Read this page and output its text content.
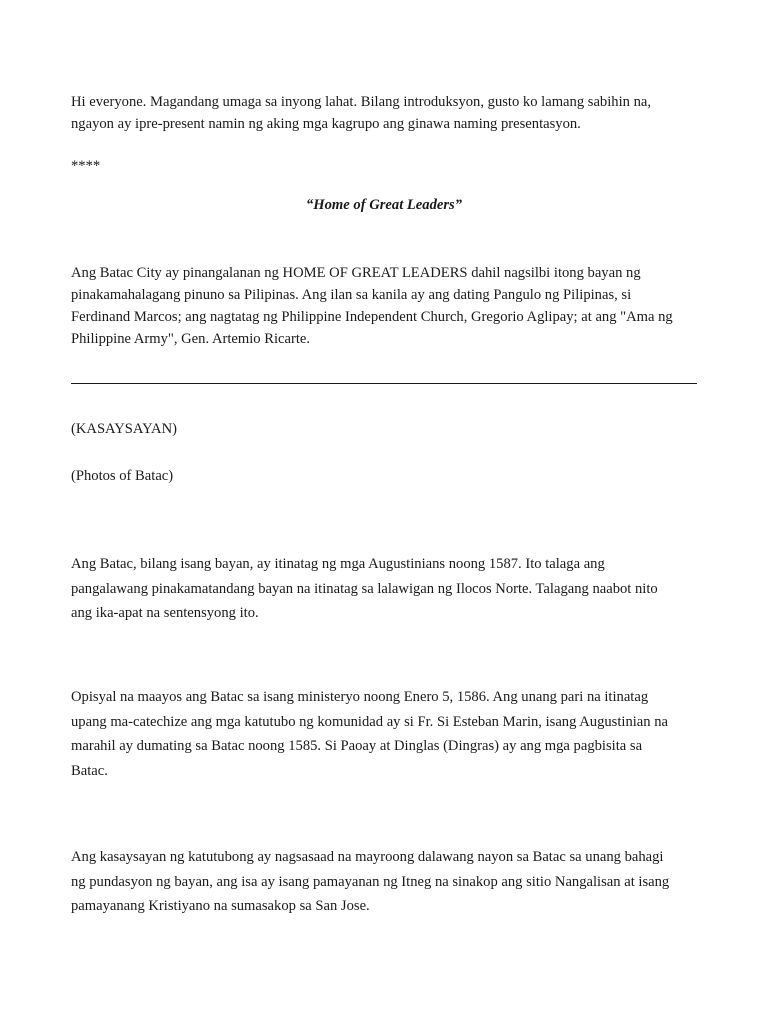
Hi everyone. Magandang umaga sa inyong lahat. Bilang introduksyon, gusto ko lamang sabihin na,
ngayon ay ipre-present namin ng aking mga kagrupo ang ginawa naming presentasyon.

****

“Home of Great Leaders”

Ang Batac City ay pinangalanan ng HOME OF GREAT LEADERS dahil nagsilbi itong bayan ng
pinakamahalagang pinuno sa Pilipinas. Ang ilan sa kanila ay ang dating Pangulo ng Pilipinas, si
Ferdinand Marcos; ang nagtatag ng Philippine Independent Church, Gregorio Aglipay; at ang "Ama ng
Philippine Army", Gen. Artemio Ricarte.

(KASAYSAYAN)

(Photos of Batac)

Ang Batac, bilang isang bayan, ay itinatag ng mga Augustinians noong 1587. Ito talaga ang
pangalawang pinakamatandang bayan na itinatag sa lalawigan ng Ilocos Norte. Talagang naabot nito
ang ika-apat na sentensyong ito.

Opisyal na maayos ang Batac sa isang ministeryo noong Enero 5, 1586. Ang unang pari na itinatag
upang ma-catechize ang mga katutubo ng komunidad ay si Fr. Si Esteban Marin, isang Augustinian na
marahil ay dumating sa Batac noong 1585. Si Paoay at Dinglas (Dingras) ay ang mga pagbisita sa
Batac.

Ang kasaysayan ng katutubong ay nagsasaad na mayroong dalawang nayon sa Batac sa unang bahagi
ng pundasyon ng bayan, ang isa ay isang pamayanan ng Itneg na sinakop ang sitio Nangalisan at isang
pamayanang Kristiyano na sumasakop sa San Jose.
